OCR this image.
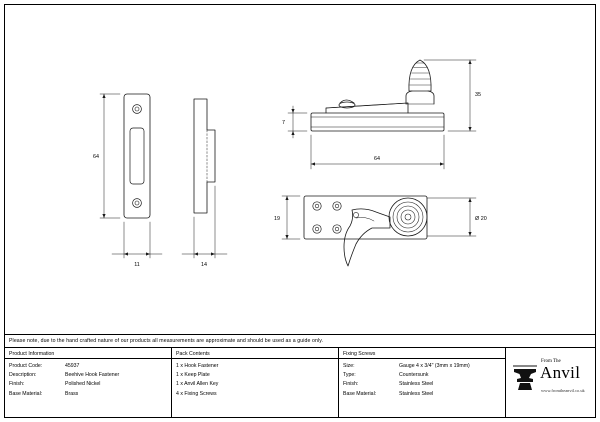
64
11	14
64
35
7
19	Ø 20
Please note, due to the hand crafted nature of our products all measurements are approximate and should be used as a guide only.
Product Information
Product Code:	45937
Description:	Beehive Hook Fastener
Finish:	Polished Nickel
Base Material:	Brass
Pack Contents
1 x Hook Fastener
1 x Keep Plate
1 x Anvil Allen Key
4 x Fixing Screws
Fixing Screws
Size:	Gauge 4 x 3/4" (3mm x 19mm)
Type:	Countersunk
Finish:	Stainless Steel
Base Material:	Stainless Steel
From The
Anvil
www.fromtheanvil.co.uk
